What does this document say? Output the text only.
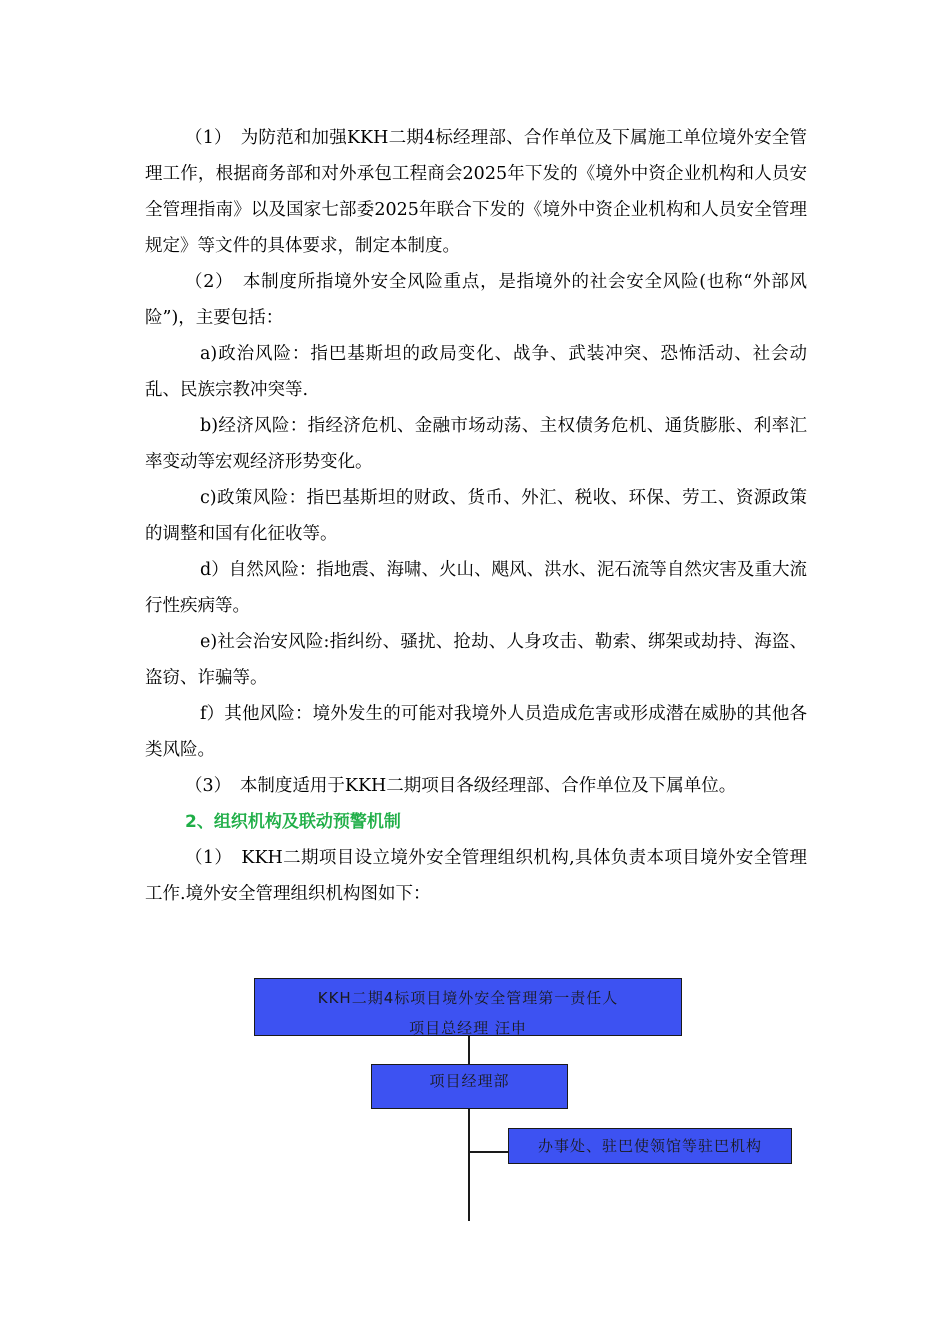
（1）　为防范和加强KKH二期4标经理部、合作单位及下属施工单位境外安全管理工作，根据商务部和对外承包工程商会2025年下发的《境外中资企业机构和人员安全管理指南》以及国家七部委2025年联合下发的《境外中资企业机构和人员安全管理规定》等文件的具体要求，制定本制度。

（2）　本制度所指境外安全风险重点，是指境外的社会安全风险(也称“外部风险”)，主要包括：

a)政治风险：指巴基斯坦的政局变化、战争、武装冲突、恐怖活动、社会动乱、民族宗教冲突等.

b)经济风险：指经济危机、金融市场动荡、主权债务危机、通货膨胀、利率汇率变动等宏观经济形势变化。

c)政策风险：指巴基斯坦的财政、货币、外汇、税收、环保、劳工、资源政策的调整和国有化征收等。

d）自然风险：指地震、海啸、火山、飓风、洪水、泥石流等自然灾害及重大流行性疾病等。

e)社会治安风险:指纠纷、骚扰、抢劫、人身攻击、勒索、绑架或劫持、海盗、盗窃、诈骗等。

f）其他风险：境外发生的可能对我境外人员造成危害或形成潜在威胁的其他各类风险。

（3）　本制度适用于KKH二期项目各级经理部、合作单位及下属单位。

2、组织机构及联动预警机制

（1）　KKH二期项目设立境外安全管理组织机构,具体负责本项目境外安全管理工作.境外安全管理组织机构图如下：

KKH二期4标项目境外安全管理第一责任人
项目总经理 汪申
项目经理部
办事处、驻巴使领馆等驻巴机构
